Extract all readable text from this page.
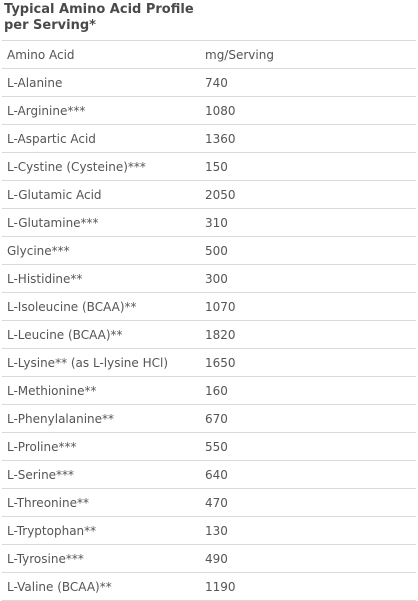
Typical Amino Acid Profile per Serving*
Amino Acid	mg/Serving
L-Alanine	740
L-Arginine***	1080
L-Aspartic Acid	1360
L-Cystine (Cysteine)***	150
L-Glutamic Acid	2050
L-Glutamine***	310
Glycine***	500
L-Histidine**	300
L-Isoleucine (BCAA)**	1070
L-Leucine (BCAA)**	1820
L-Lysine** (as L-lysine HCl)	1650
L-Methionine**	160
L-Phenylalanine**	670
L-Proline***	550
L-Serine***	640
L-Threonine**	470
L-Tryptophan**	130
L-Tyrosine***	490
L-Valine (BCAA)**	1190
